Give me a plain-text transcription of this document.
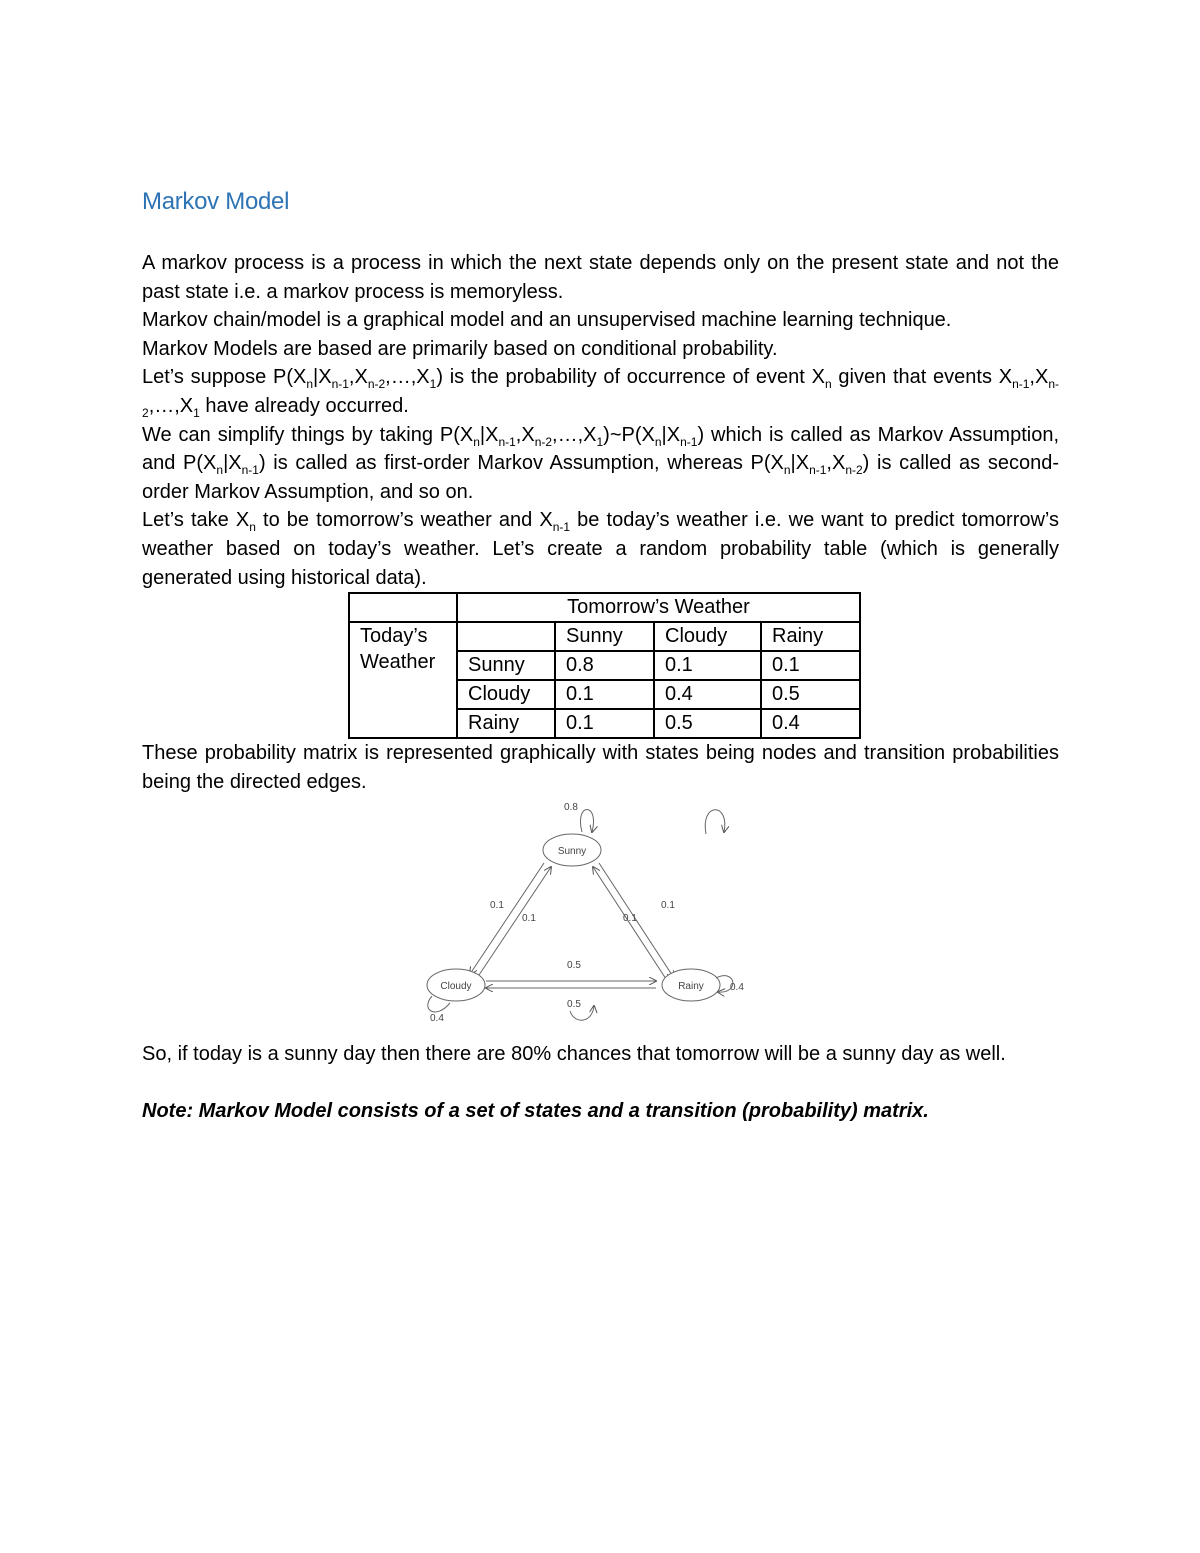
Markov Model

A markov process is a process in which the next state depends only on the present state and not the past state i.e. a markov process is memoryless.

Markov chain/model is a graphical model and an unsupervised machine learning technique.

Markov Models are based are primarily based on conditional probability.

Let’s suppose $P(X_n|X_{n-1},X_{n-2},\dots,X_1)$ is the probability of occurrence of event $X_n$ given that events $X_{n-1},X_{n-2},\dots,X_1$ have already occurred.

We can simplify things by taking $P(X_n|X_{n-1},X_{n-2},\dots,X_1)\sim P(X_n|X_{n-1})$ which is called as Markov Assumption, and $P(X_n|X_{n-1})$ is called as first-order Markov Assumption, whereas $P(X_n|X_{n-1},X_{n-2})$ is called as second-order Markov Assumption, and so on.

Let’s take $X_n$ to be tomorrow’s weather and $X_{n-1}$ be today’s weather i.e. we want to predict tomorrow’s weather based on today’s weather. Let’s create a random probability table (which is generally generated using historical data).

	Tomorrow’s Weather			
Today’s Weather		Sunny	Cloudy	Rainy
	Sunny	0.8	0.1	0.1
	Cloudy	0.1	0.4	0.5
	Rainy	0.1	0.5	0.4

These probability matrix is represented graphically with states being nodes and transition probabilities being the directed edges.

Sunny
Cloudy	Rainy
0.8
0.4
0.4
0.1
0.1	0.1
0.1
0.5
0.5

So, if today is a sunny day then there are 80% chances that tomorrow will be a sunny day as well.

Note: Markov Model consists of a set of states and a transition (probability) matrix.
